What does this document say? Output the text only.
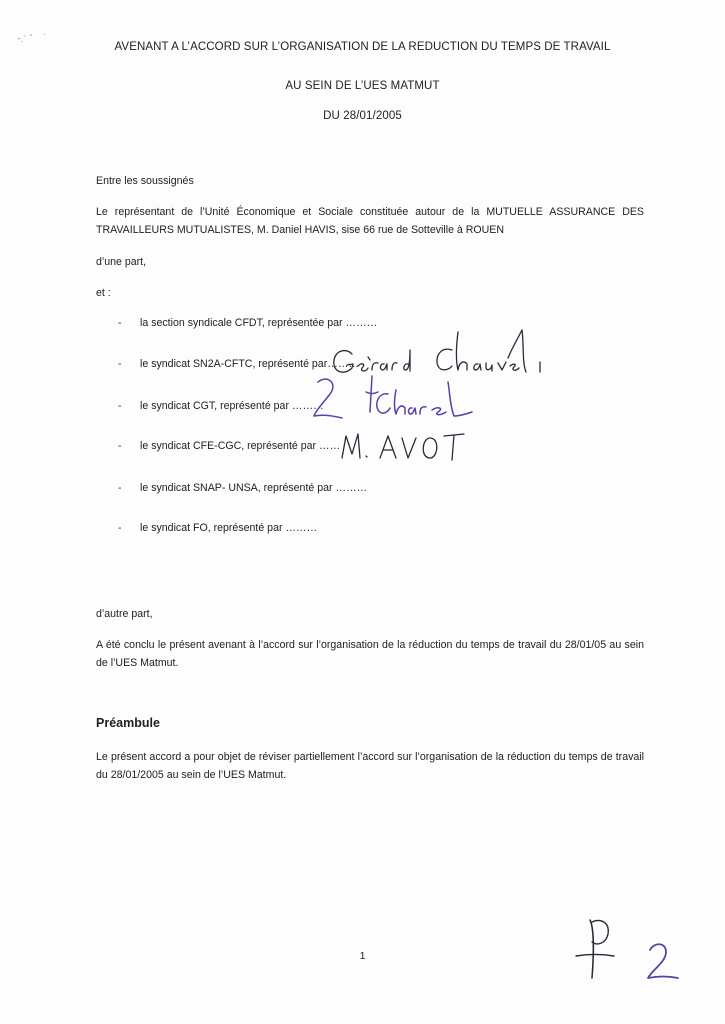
AVENANT A L’ACCORD SUR L’ORGANISATION DE LA REDUCTION DU TEMPS DE TRAVAIL
AU SEIN DE L’UES MATMUT
DU 28/01/2005
Entre les soussignés
Le représentant de l’Unité Économique et Sociale constituée autour de la MUTUELLE ASSURANCE DES TRAVAILLEURS MUTUALISTES, M. Daniel HAVIS, sise 66 rue de Sotteville à ROUEN
d’une part,
et :
- la section syndicale CFDT, représentée par ………
- le syndicat SN2A-CFTC, représenté par………
- le syndicat CGT, représenté par ………
- le syndicat CFE-CGC, représenté par ……
- le syndicat SNAP- UNSA, représenté par ………
- le syndicat FO, représenté par ………
d’autre part,
A été conclu le présent avenant à l’accord sur l’organisation de la réduction du temps de travail du 28/01/05 au sein de l’UES Matmut.
Préambule
Le présent accord a pour objet de réviser partiellement l’accord sur l’organisation de la réduction du temps de travail du 28/01/2005 au sein de l’UES Matmut.
1
